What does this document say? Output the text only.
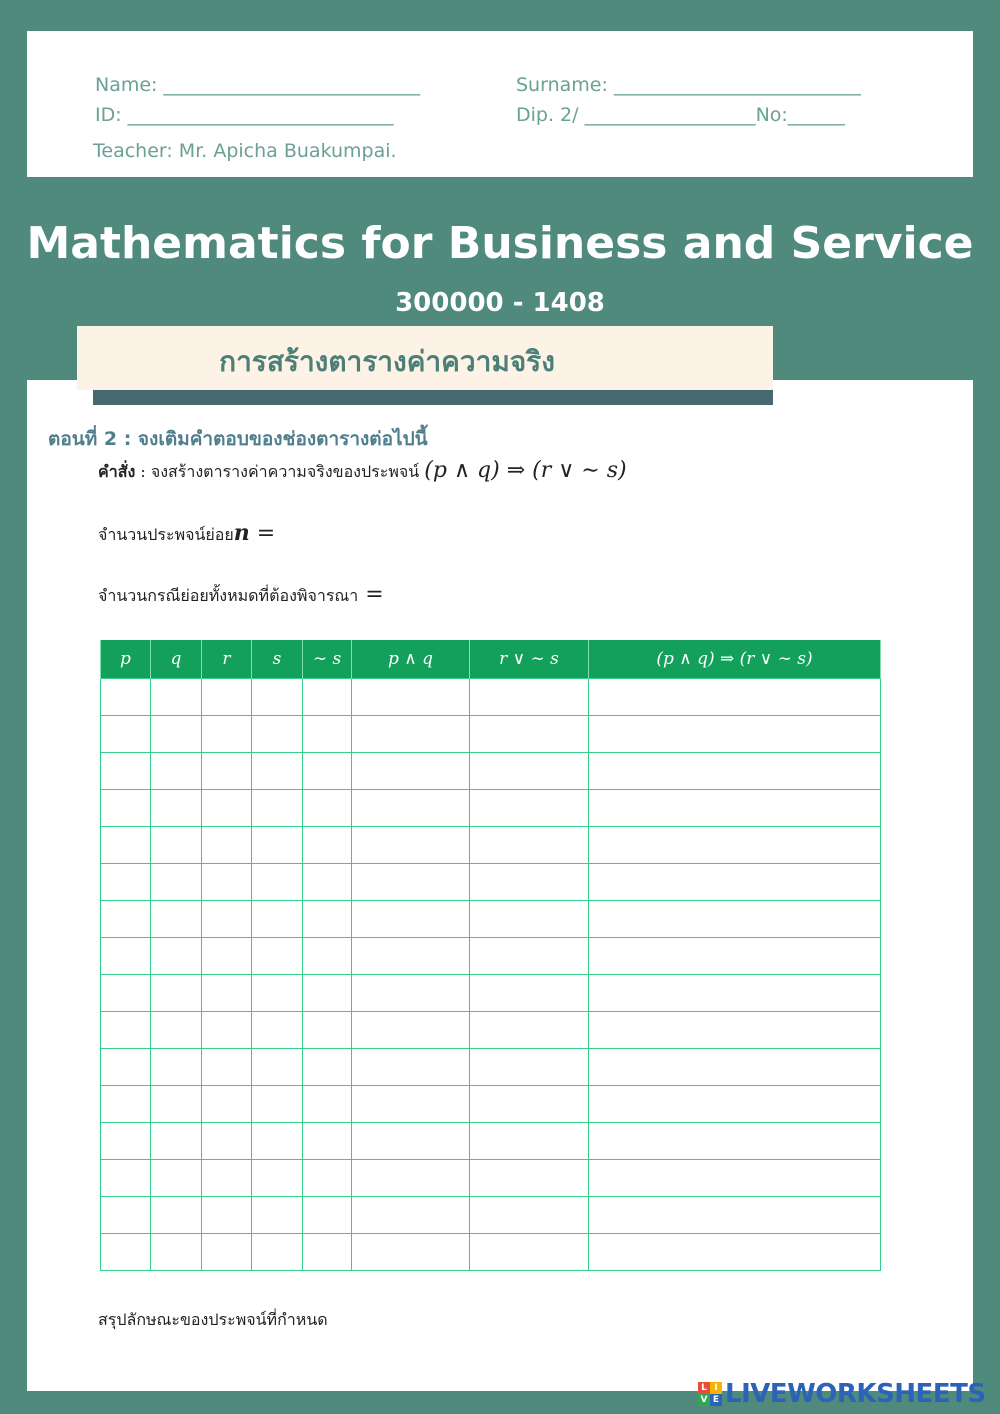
Name: ___________________________	Surname: __________________________
ID: ____________________________	Dip. 2/ __________________No:______
Teacher: Mr. Apicha Buakumpai.
Mathematics for Business and Service
300000 - 1408
การสร้างตารางค่าความจริง
ตอนที่ 2 : จงเติมคำตอบของช่องตารางต่อไปนี้
คำสั่ง : จงสร้างตารางค่าความจริงของประพจน์ (p ∧ q) ⇒ (r ∨ ∼ s)
จำนวนประพจน์ย่อยn =
จำนวนกรณีย่อยทั้งหมดที่ต้องพิจารณา =
p	q	r	s	∼ s	p ∧ q	r ∨ ∼ s	(p ∧ q) ⇒ (r ∨ ∼ s)

สรุปลักษณะของประพจน์ที่กำหนด
L I
V E LIVEWORKSHEETS
